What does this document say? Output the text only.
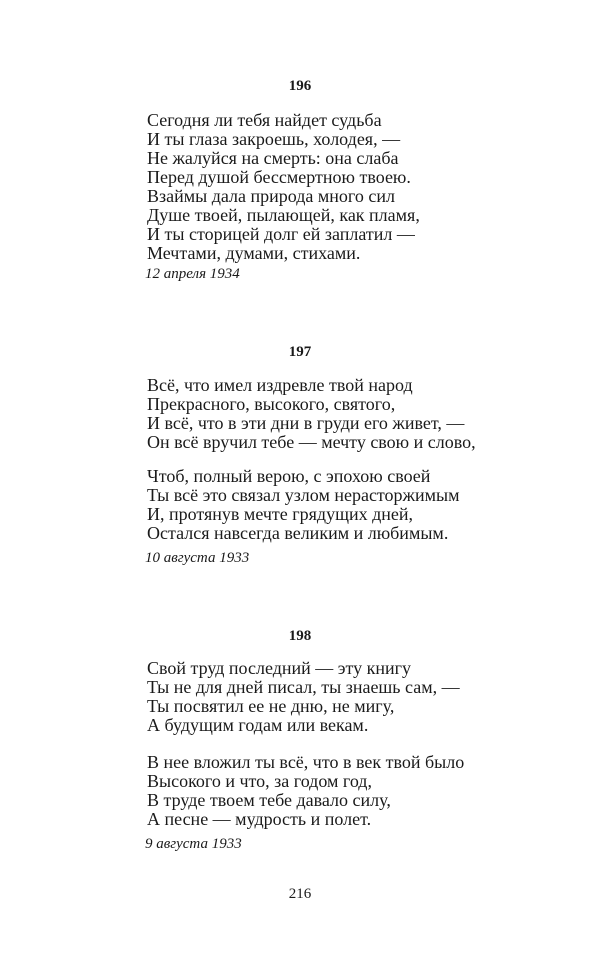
196
Сегодня ли тебя найдет судьба
И ты глаза закроешь, холодея, —
Не жалуйся на смерть: она слаба
Перед душой бессмертною твоею.
Взаймы дала природа много сил
Душе твоей, пылающей, как пламя,
И ты сторицей долг ей заплатил —
Мечтами, думами, стихами.
12 апреля 1934
197
Всё, что имел издревле твой народ
Прекрасного, высокого, святого,
И всё, что в эти дни в груди его живет, —
Он всё вручил тебе — мечту свою и слово,
Чтоб, полный верою, с эпохою своей
Ты всё это связал узлом нерасторжимым
И, протянув мечте грядущих дней,
Остался навсегда великим и любимым.
10 августа 1933
198
Свой труд последний — эту книгу
Ты не для дней писал, ты знаешь сам, —
Ты посвятил ее не дню, не мигу,
А будущим годам или векам.
В нее вложил ты всё, что в век твой было
Высокого и что, за годом год,
В труде твоем тебе давало силу,
А песне — мудрость и полет.
9 августа 1933
216
